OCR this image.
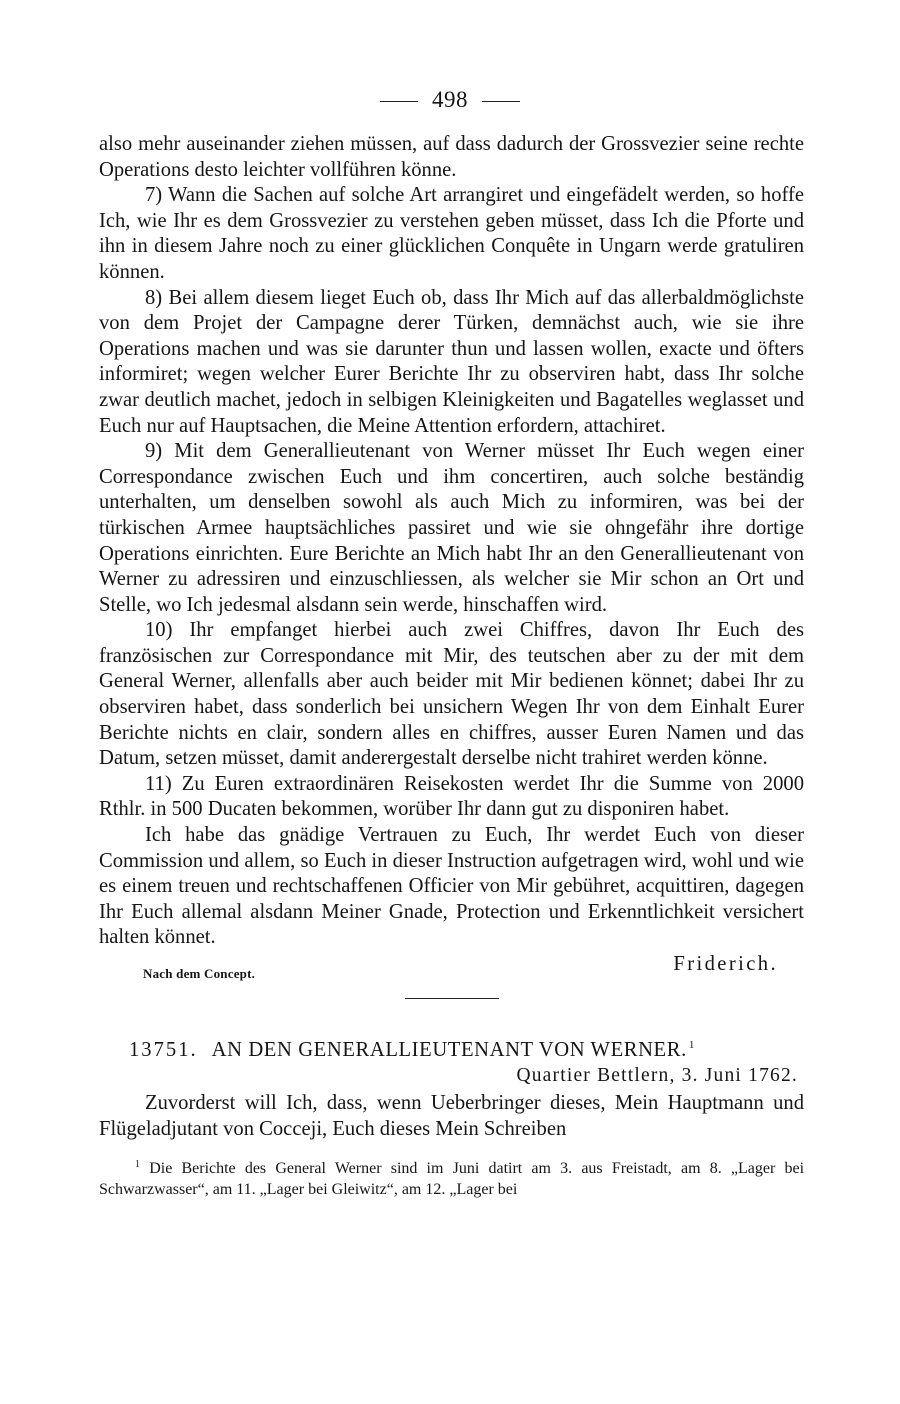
498

also mehr auseinander ziehen müssen, auf dass dadurch der Grossvezier seine rechte Operations desto leichter vollführen könne.

7) Wann die Sachen auf solche Art arrangiret und eingefädelt werden, so hoffe Ich, wie Ihr es dem Grossvezier zu verstehen geben müsset, dass Ich die Pforte und ihn in diesem Jahre noch zu einer glücklichen Conquête in Ungarn werde gratuliren können.

8) Bei allem diesem lieget Euch ob, dass Ihr Mich auf das allerbaldmöglichste von dem Projet der Campagne derer Türken, demnächst auch, wie sie ihre Operations machen und was sie darunter thun und lassen wollen, exacte und öfters informiret; wegen welcher Eurer Berichte Ihr zu observiren habt, dass Ihr solche zwar deutlich machet, jedoch in selbigen Kleinigkeiten und Bagatelles weglasset und Euch nur auf Hauptsachen, die Meine Attention erfordern, attachiret.

9) Mit dem Generallieutenant von Werner müsset Ihr Euch wegen einer Correspondance zwischen Euch und ihm concertiren, auch solche beständig unterhalten, um denselben sowohl als auch Mich zu informiren, was bei der türkischen Armee hauptsächliches passiret und wie sie ohngefähr ihre dortige Operations einrichten. Eure Berichte an Mich habt Ihr an den Generallieutenant von Werner zu adressiren und einzuschliessen, als welcher sie Mir schon an Ort und Stelle, wo Ich jedesmal alsdann sein werde, hinschaffen wird.

10) Ihr empfanget hierbei auch zwei Chiffres, davon Ihr Euch des französischen zur Correspondance mit Mir, des teutschen aber zu der mit dem General Werner, allenfalls aber auch beider mit Mir bedienen könnet; dabei Ihr zu observiren habet, dass sonderlich bei unsichern Wegen Ihr von dem Einhalt Eurer Berichte nichts en clair, sondern alles en chiffres, ausser Euren Namen und das Datum, setzen müsset, damit anderergestalt derselbe nicht trahiret werden könne.

11) Zu Euren extraordinären Reisekosten werdet Ihr die Summe von 2000 Rthlr. in 500 Ducaten bekommen, worüber Ihr dann gut zu disponiren habet.

Ich habe das gnädige Vertrauen zu Euch, Ihr werdet Euch von dieser Commission und allem, so Euch in dieser Instruction aufgetragen wird, wohl und wie es einem treuen und rechtschaffenen Officier von Mir gebühret, acquittiren, dagegen Ihr Euch allemal alsdann Meiner Gnade, Protection und Erkenntlichkeit versichert halten könnet.

Nach dem Concept.	Friderich.
13751. AN DEN GENERALLIEUTENANT VON WERNER. $^1$
Quartier Bettlern, 3. Juni 1762.
Zuvorderst will Ich, dass, wenn Ueberbringer dieses, Mein Hauptmann und Flügeladjutant von Cocceji, Euch dieses Mein Schreiben
$^1$ Die Berichte des General Werner sind im Juni datirt am 3. aus Freistadt, am 8. „Lager bei Schwarzwasser“, am 11. „Lager bei Gleiwitz“, am 12. „Lager bei
